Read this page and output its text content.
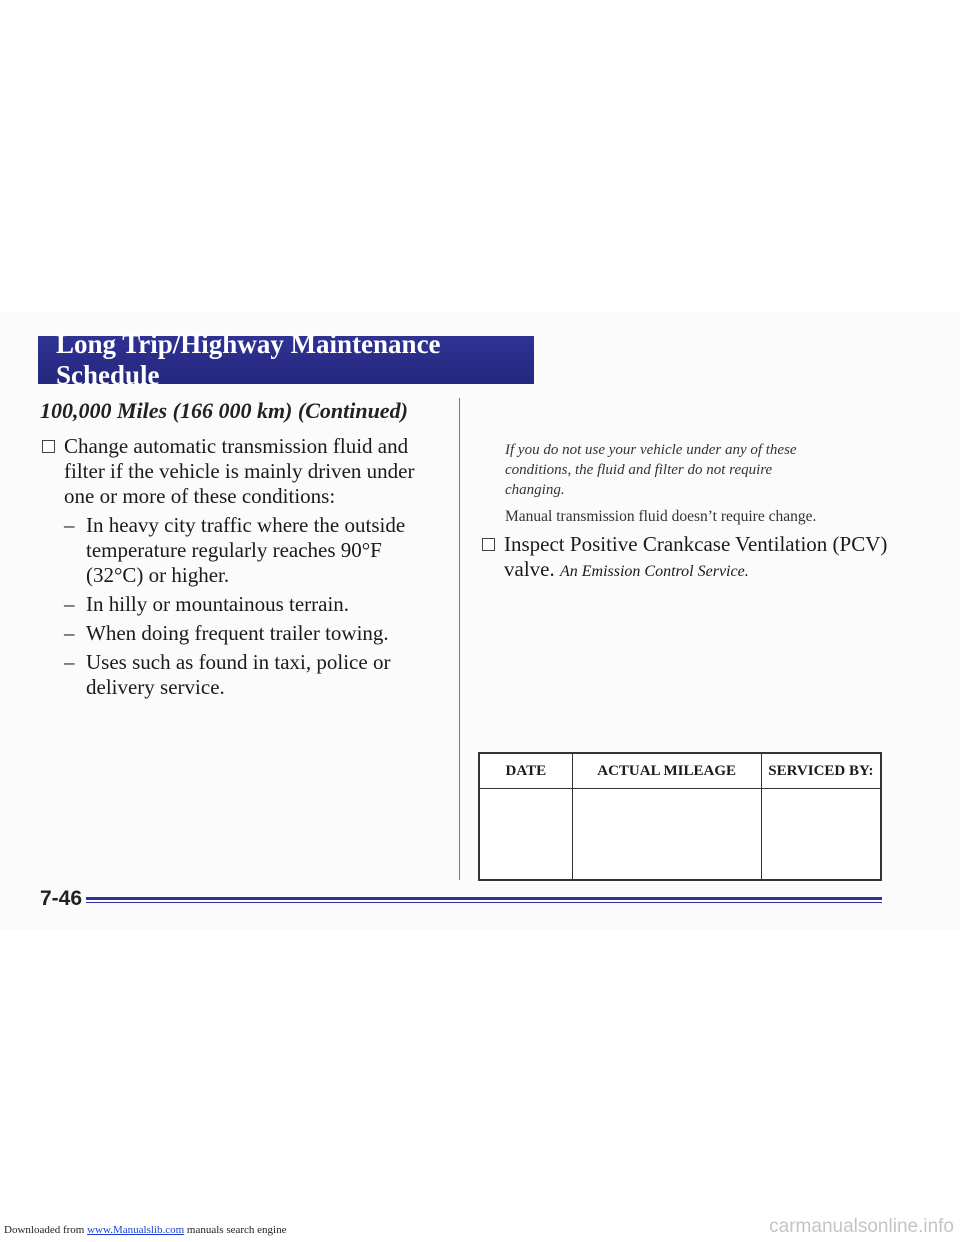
Long Trip/Highway Maintenance Schedule
100,000 Miles (166 000 km) (Continued)
Change automatic transmission fluid and filter if the vehicle is mainly driven under one or more of these conditions:
– In heavy city traffic where the outside temperature regularly reaches 90°F (32°C) or higher.
– In hilly or mountainous terrain.
– When doing frequent trailer towing.
– Uses such as found in taxi, police or delivery service.
If you do not use your vehicle under any of these conditions, the fluid and filter do not require changing.
Manual transmission fluid doesn’t require change.
Inspect Positive Crankcase Ventilation (PCV) valve. An Emission Control Service.
DATE	ACTUAL MILEAGE	SERVICED BY:

7-46
Downloaded from www.Manualslib.com manuals search engine	carmanualsonline.info
